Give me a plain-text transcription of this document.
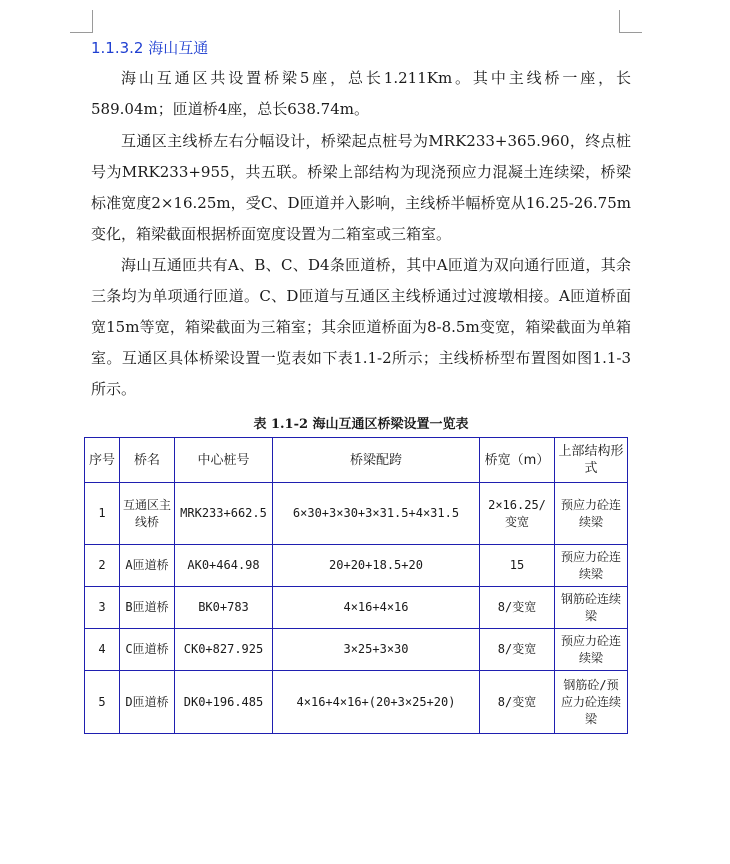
1.1.3.2 海山互通

海山互通区共设置桥梁5座，总长1.211Km。其中主线桥一座，长589.04m；匝道桥4座，总长638.74m。

互通区主线桥左右分幅设计，桥梁起点桩号为MRK233+365.960，终点桩号为MRK233+955，共五联。桥梁上部结构为现浇预应力混凝土连续梁，桥梁标准宽度2×16.25m，受C、D匝道并入影响，主线桥半幅桥宽从16.25-26.75m变化，箱梁截面根据桥面宽度设置为二箱室或三箱室。

海山互通匝共有A、B、C、D4条匝道桥，其中A匝道为双向通行匝道，其余三条均为单项通行匝道。C、D匝道与互通区主线桥通过过渡墩相接。A匝道桥面宽15m等宽，箱梁截面为三箱室；其余匝道桥面为8-8.5m变宽，箱梁截面为单箱室。互通区具体桥梁设置一览表如下表1.1-2所示；主线桥桥型布置图如图1.1-3所示。

表 1.1-2 海山互通区桥梁设置一览表
序号	桥名	中心桩号	桥梁配跨	桥宽（m）	上部结构形式
1	互通区主线桥	MRK233+662.5	6×30+3×30+3×31.5+4×31.5	2×16.25/变宽	预应力砼连续梁
2	A匝道桥	AK0+464.98	20+20+18.5+20	15	预应力砼连续梁
3	B匝道桥	BK0+783	4×16+4×16	8/变宽	钢筋砼连续梁
4	C匝道桥	CK0+827.925	3×25+3×30	8/变宽	预应力砼连续梁
5	D匝道桥	DK0+196.485	4×16+4×16+(20+3×25+20)	8/变宽	钢筋砼/预应力砼连续梁
